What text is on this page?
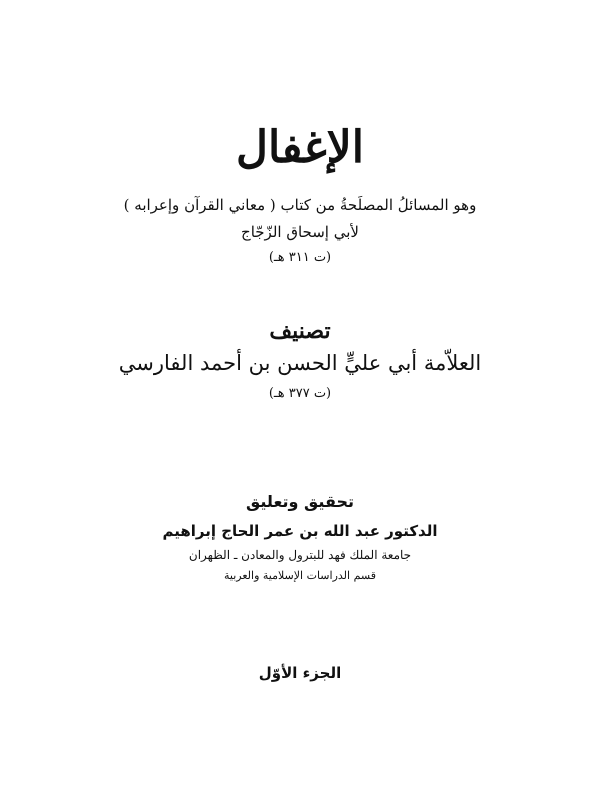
الإغفال
وهو المسائلُ المصلَحةُ من كتاب ( معاني القرآن وإعرابه )
لأبي إسحاق الزّجّاج
(ت ٣١١ هـ)
تصنيف
العلاّمة أبي عليٍّ الحسن بن أحمد الفارسي
(ت ٣٧٧ هـ)
تحقيق وتعليق
الدكتور عبد الله بن عمر الحاج إبراهيم
جامعة الملك فهد للبترول والمعادن ـ الظهران
قسم الدراسات الإسلامية والعربية
الجزء الأوّل
